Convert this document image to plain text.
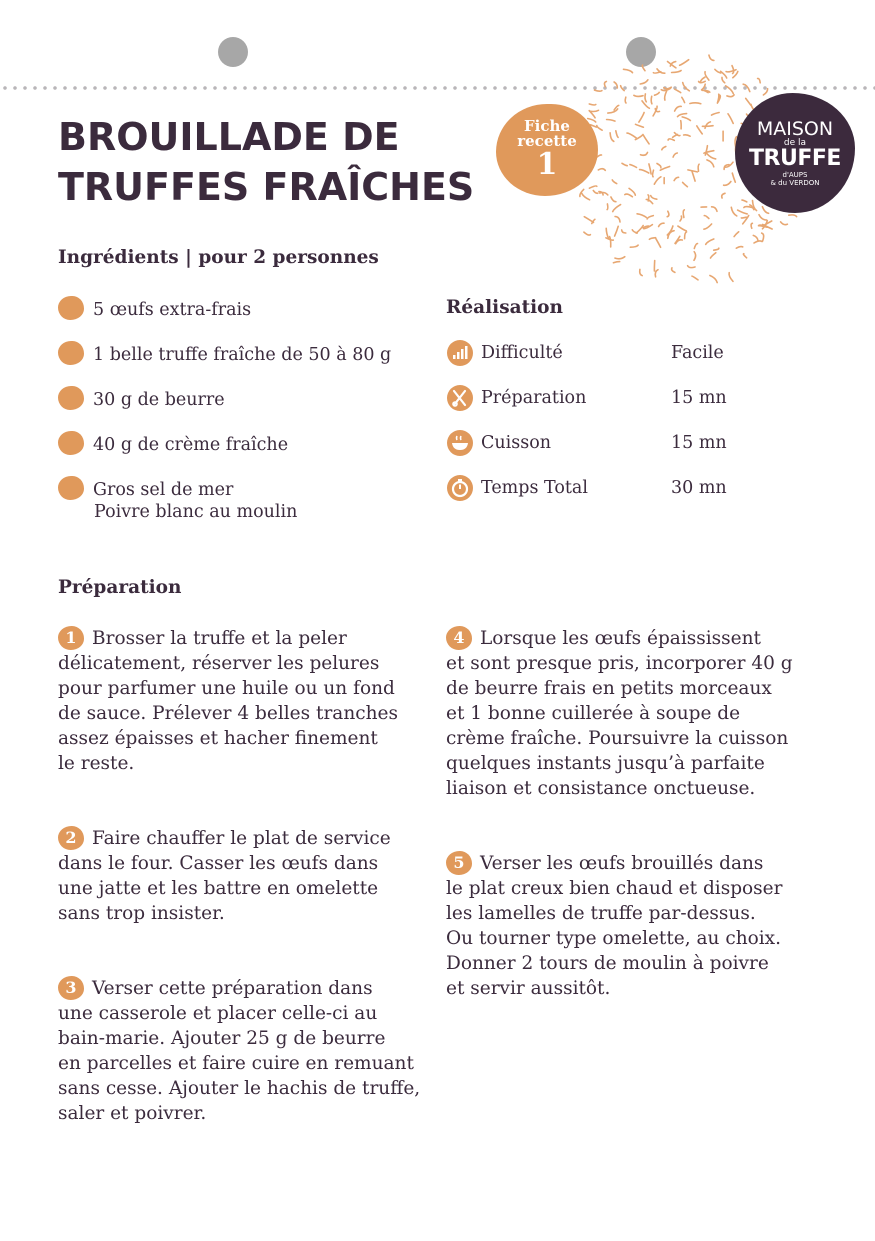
Fiche
recette
1
MAISON
de la
TRUFFE
d'AUPS
& du VERDON
BROUILLADE DE
TRUFFES FRAÎCHES
Ingrédients | pour 2 personnes
5 œufs extra-frais
1 belle truffe fraîche de 50 à 80 g
30 g de beurre
40 g de crème fraîche
Gros sel de mer
Poivre blanc au moulin
Réalisation
Difficulté	Facile
Préparation	15 mn
Cuisson	15 mn
Temps Total	30 mn
Préparation
1 Brosser la truffe et la peler
délicatement, réserver les pelures
pour parfumer une huile ou un fond
de sauce. Prélever 4 belles tranches
assez épaisses et hacher finement
le reste.
2 Faire chauffer le plat de service
dans le four. Casser les œufs dans
une jatte et les battre en omelette
sans trop insister.
3 Verser cette préparation dans
une casserole et placer celle-ci au
bain-marie. Ajouter 25 g de beurre
en parcelles et faire cuire en remuant
sans cesse. Ajouter le hachis de truffe,
saler et poivrer.
4 Lorsque les œufs épaississent
et sont presque pris, incorporer 40 g
de beurre frais en petits morceaux
et 1 bonne cuillerée à soupe de
crème fraîche. Poursuivre la cuisson
quelques instants jusqu’à parfaite
liaison et consistance onctueuse.
5 Verser les œufs brouillés dans
le plat creux bien chaud et disposer
les lamelles de truffe par-dessus.
Ou tourner type omelette, au choix.
Donner 2 tours de moulin à poivre
et servir aussitôt.
